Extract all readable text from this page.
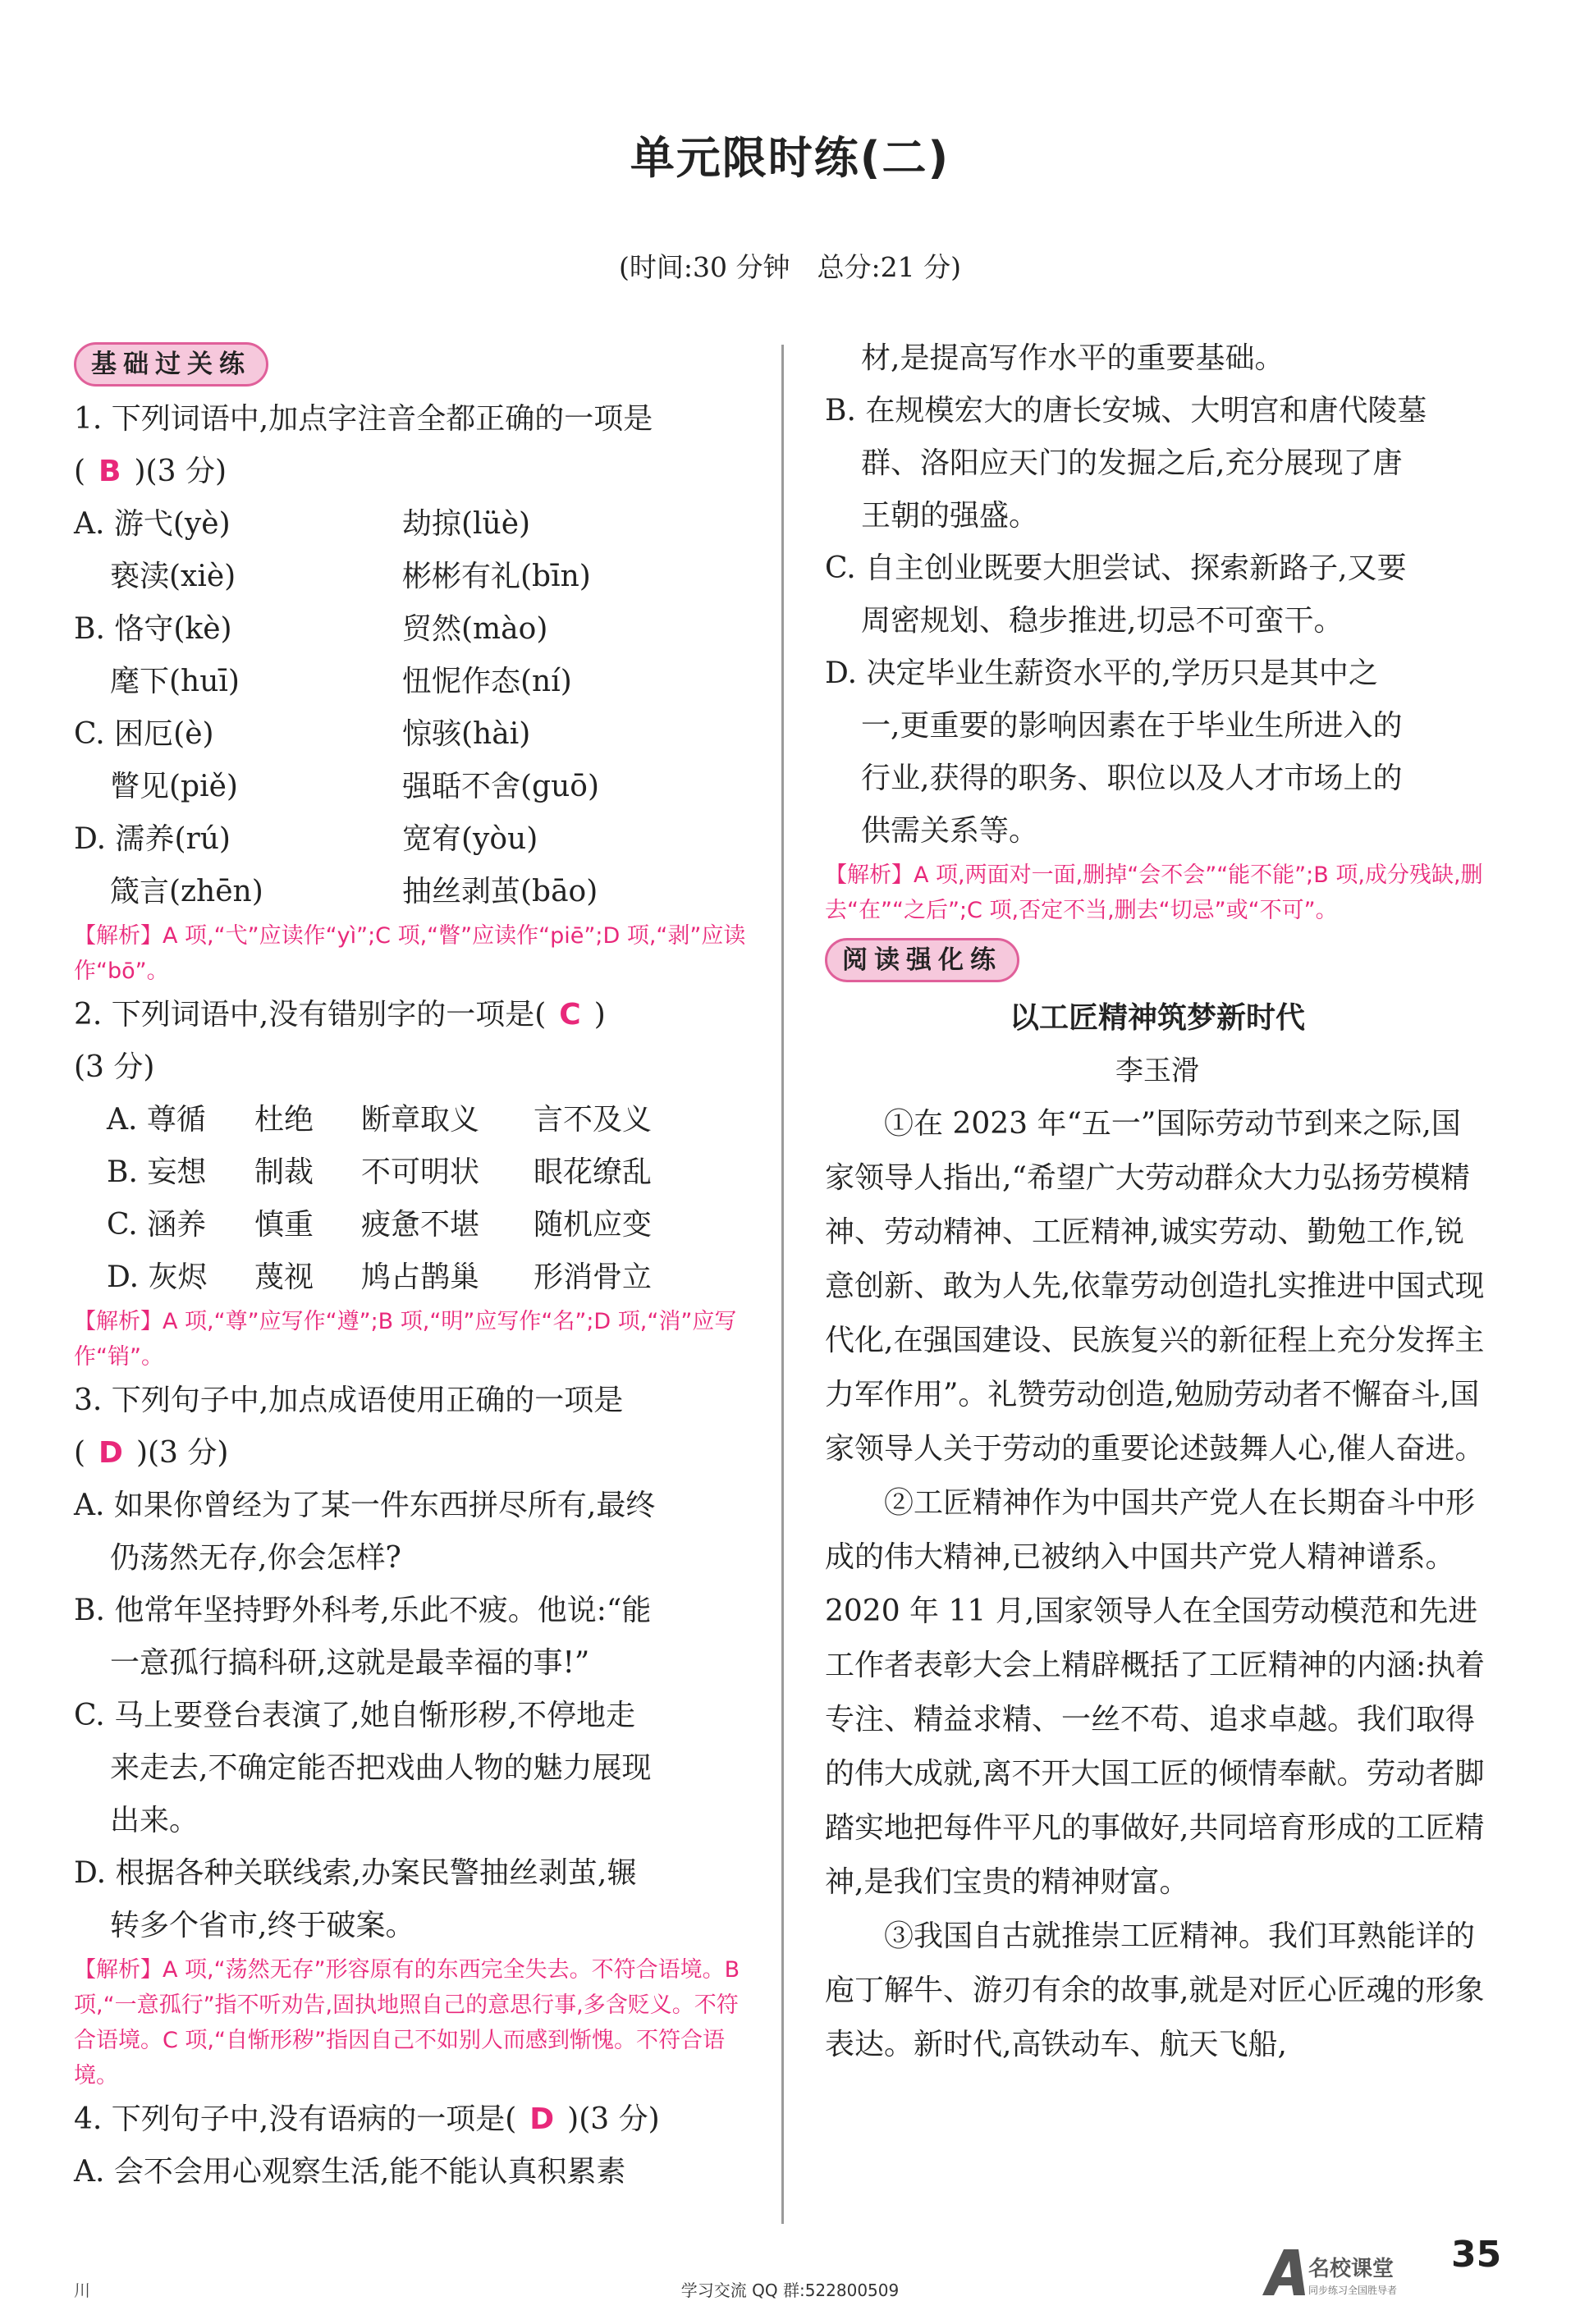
单元限时练(二)
(时间:30 分钟　总分:21 分)
基础过关练
1. 下列词语中,加点字注音全都正确的一项是
( B )(3 分)
A. 游弋(yè)	劫掠(lüè)
亵渎(xiè)	彬彬有礼(bīn)
B. 恪守(kè)	贸然(mào)
麾下(huī)	忸怩作态(ní)
C. 困厄(è)	惊骇(hài)
瞥见(piě)	强聒不舍(guō)
D. 濡养(rú)	宽宥(yòu)
箴言(zhēn)	抽丝剥茧(bāo)
【解析】A 项,“弋”应读作“yì”;C 项,“瞥”应读作“piē”;D 项,“剥”应读作“bō”。
2. 下列词语中,没有错别字的一项是( C )
(3 分)
A. 尊循	杜绝	断章取义	言不及义
B. 妄想	制裁	不可明状	眼花缭乱
C. 涵养	慎重	疲惫不堪	随机应变
D. 灰烬	蔑视	鸠占鹊巢	形消骨立
【解析】A 项,“尊”应写作“遵”;B 项,“明”应写作“名”;D 项,“消”应写作“销”。
3. 下列句子中,加点成语使用正确的一项是
( D )(3 分)
A. 如果你曾经为了某一件东西拼尽所有,最终
仍荡然无存,你会怎样?
B. 他常年坚持野外科考,乐此不疲。他说:“能
一意孤行搞科研,这就是最幸福的事!”
C. 马上要登台表演了,她自惭形秽,不停地走
来走去,不确定能否把戏曲人物的魅力展现
出来。
D. 根据各种关联线索,办案民警抽丝剥茧,辗
转多个省市,终于破案。
【解析】A 项,“荡然无存”形容原有的东西完全失去。不符合语境。B 项,“一意孤行”指不听劝告,固执地照自己的意思行事,多含贬义。不符合语境。C 项,“自惭形秽”指因自己不如别人而感到惭愧。不符合语境。
4. 下列句子中,没有语病的一项是( D )(3 分)
A. 会不会用心观察生活,能不能认真积累素
材,是提高写作水平的重要基础。
B. 在规模宏大的唐长安城、大明宫和唐代陵墓
群、洛阳应天门的发掘之后,充分展现了唐
王朝的强盛。
C. 自主创业既要大胆尝试、探索新路子,又要
周密规划、稳步推进,切忌不可蛮干。
D. 决定毕业生薪资水平的,学历只是其中之
一,更重要的影响因素在于毕业生所进入的
行业,获得的职务、职位以及人才市场上的
供需关系等。
【解析】A 项,两面对一面,删掉“会不会”“能不能”;B 项,成分残缺,删去“在”“之后”;C 项,否定不当,删去“切忌”或“不可”。
阅读强化练
以工匠精神筑梦新时代
李玉滑
①在 2023 年“五一”国际劳动节到来之际,国家领导人指出,“希望广大劳动群众大力弘扬劳模精神、劳动精神、工匠精神,诚实劳动、勤勉工作,锐意创新、敢为人先,依靠劳动创造扎实推进中国式现代化,在强国建设、民族复兴的新征程上充分发挥主力军作用”。礼赞劳动创造,勉励劳动者不懈奋斗,国家领导人关于劳动的重要论述鼓舞人心,催人奋进。
②工匠精神作为中国共产党人在长期奋斗中形成的伟大精神,已被纳入中国共产党人精神谱系。2020 年 11 月,国家领导人在全国劳动模范和先进工作者表彰大会上精辟概括了工匠精神的内涵:执着专注、精益求精、一丝不苟、追求卓越。我们取得的伟大成就,离不开大国工匠的倾情奉献。劳动者脚踏实地把每件平凡的事做好,共同培育形成的工匠精神,是我们宝贵的精神财富。
③我国自古就推崇工匠精神。我们耳熟能详的庖丁解牛、游刃有余的故事,就是对匠心匠魂的形象表达。新时代,高铁动车、航天飞船,
川	学习交流 QQ 群:522800509
名校课堂
同步练习全国胜导者
35
